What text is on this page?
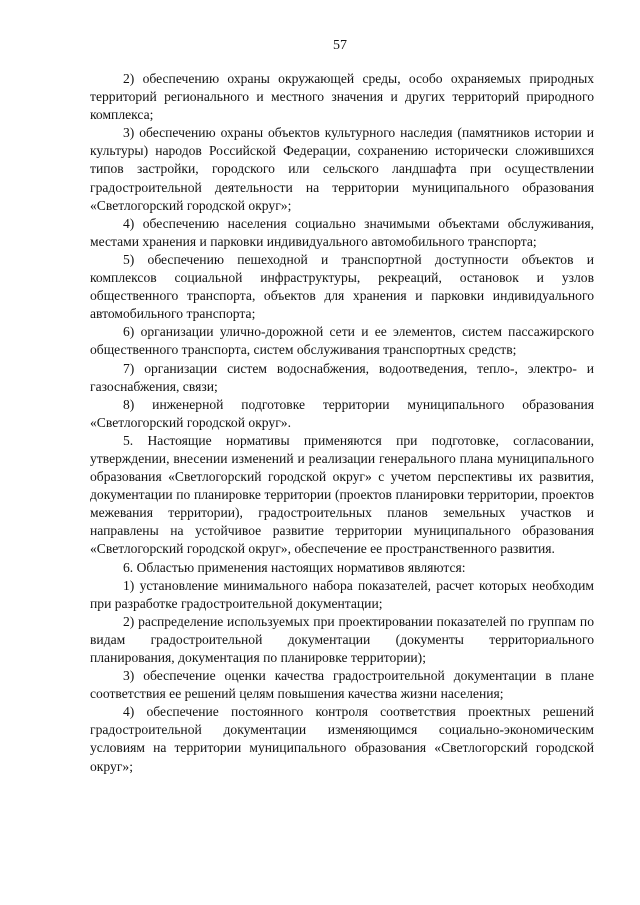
57

2) обеспечению охраны окружающей среды, особо охраняемых природных территорий регионального и местного значения и других территорий природного комплекса;

3) обеспечению охраны объектов культурного наследия (памятников истории и культуры) народов Российской Федерации, сохранению исторически сложившихся типов застройки, городского или сельского ландшафта при осуществлении градостроительной деятельности на территории муниципального образования «Светлогорский городской округ»;

4) обеспечению населения социально значимыми объектами обслуживания, местами хранения и парковки индивидуального автомобильного транспорта;

5) обеспечению пешеходной и транспортной доступности объектов и комплексов социальной инфраструктуры, рекреаций, остановок и узлов общественного транспорта, объектов для хранения и парковки индивидуального автомобильного транспорта;

6) организации улично-дорожной сети и ее элементов, систем пассажирского общественного транспорта, систем обслуживания транспортных средств;

7) организации систем водоснабжения, водоотведения, тепло-, электро- и газоснабжения, связи;

8) инженерной подготовке территории муниципального образования «Светлогорский городской округ».

5. Настоящие нормативы применяются при подготовке, согласовании, утверждении, внесении изменений и реализации генерального плана муниципального образования «Светлогорский городской округ» с учетом перспективы их развития, документации по планировке территории (проектов планировки территории, проектов межевания территории), градостроительных планов земельных участков и направлены на устойчивое развитие территории муниципального образования «Светлогорский городской округ», обеспечение ее пространственного развития.

6. Областью применения настоящих нормативов являются:

1) установление минимального набора показателей, расчет которых необходим при разработке градостроительной документации;

2) распределение используемых при проектировании показателей по группам по видам градостроительной документации (документы территориального планирования, документация по планировке территории);

3) обеспечение оценки качества градостроительной документации в плане соответствия ее решений целям повышения качества жизни населения;

4) обеспечение постоянного контроля соответствия проектных решений градостроительной документации изменяющимся социально-экономическим условиям на территории муниципального образования «Светлогорский городской округ»;
